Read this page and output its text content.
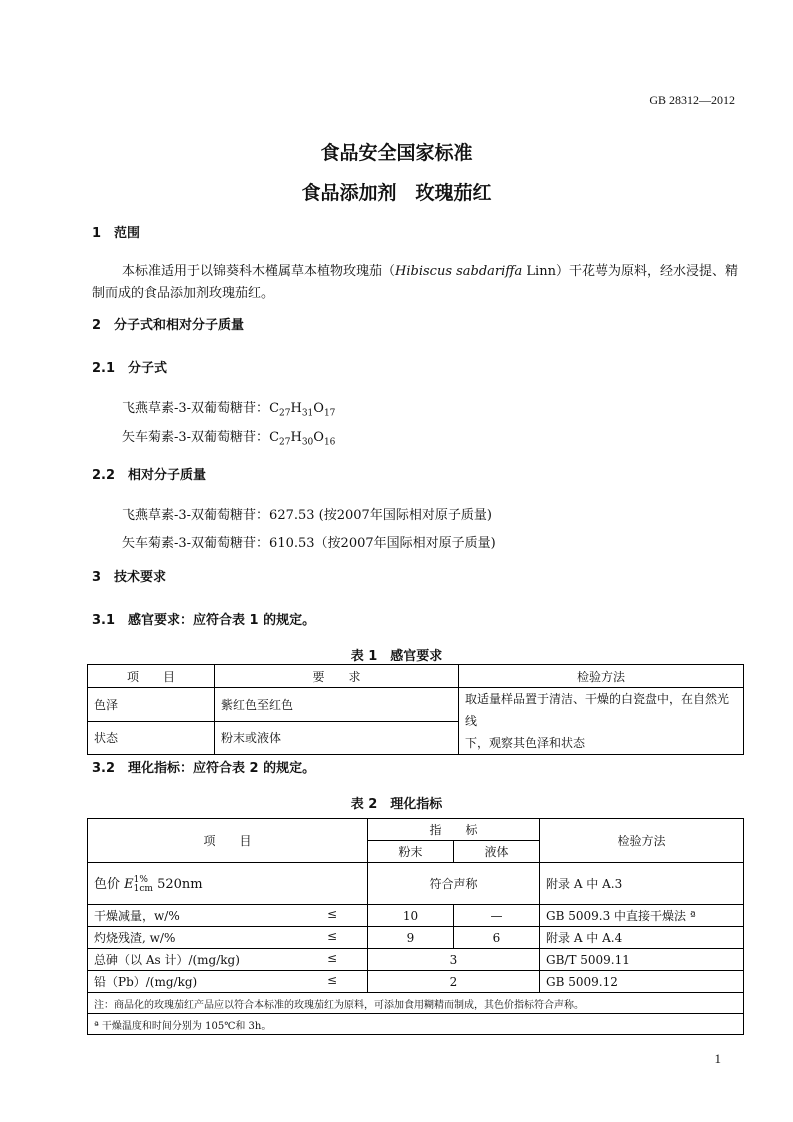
GB 28312—2012
食品安全国家标准
食品添加剂　玫瑰茄红
1　范围
本标准适用于以锦葵科木槿属草本植物玫瑰茄（Hibiscus sabdariffa Linn）干花萼为原料，经水浸提、精制而成的食品添加剂玫瑰茄红。
2　分子式和相对分子质量
2.1　分子式
飞燕草素-3-双葡萄糖苷：$C_{27}H_{31}O_{17}$
矢车菊素-3-双葡萄糖苷：$C_{27}H_{30}O_{16}$
2.2　相对分子质量
飞燕草素-3-双葡萄糖苷：627.53 (按2007年国际相对原子质量)
矢车菊素-3-双葡萄糖苷：610.53（按2007年国际相对原子质量)
3　技术要求
3.1　感官要求：应符合表 1 的规定。
表 1　感官要求
项　　目	要　　求	检验方法
色泽	紫红色至红色	取适量样品置于清洁、干燥的白瓷盘中，在自然光线
下，观察其色泽和状态
状态	粉末或液体	
3.2　理化指标：应符合表 2 的规定。
表 2　理化指标
项　　目	指　　标		检验方法
	粉末	液体	
色价 E1%
1cm 520nm	符合声称		附录 A 中 A.3
干燥减量，w/% ≤	10	—	GB 5009.3 中直接干燥法 ª
灼烧残渣, w/% ≤	9	6	附录 A 中 A.4
总砷（以 As 计）/(mg/kg) ≤	3		GB/T 5009.11
铅（Pb）/(mg/kg) ≤	2		GB 5009.12
注：商品化的玫瑰茄红产品应以符合本标准的玫瑰茄红为原料，可添加食用糊精而制成，其色价指标符合声称。			
ª 干燥温度和时间分别为 105℃和 3h。			
1
